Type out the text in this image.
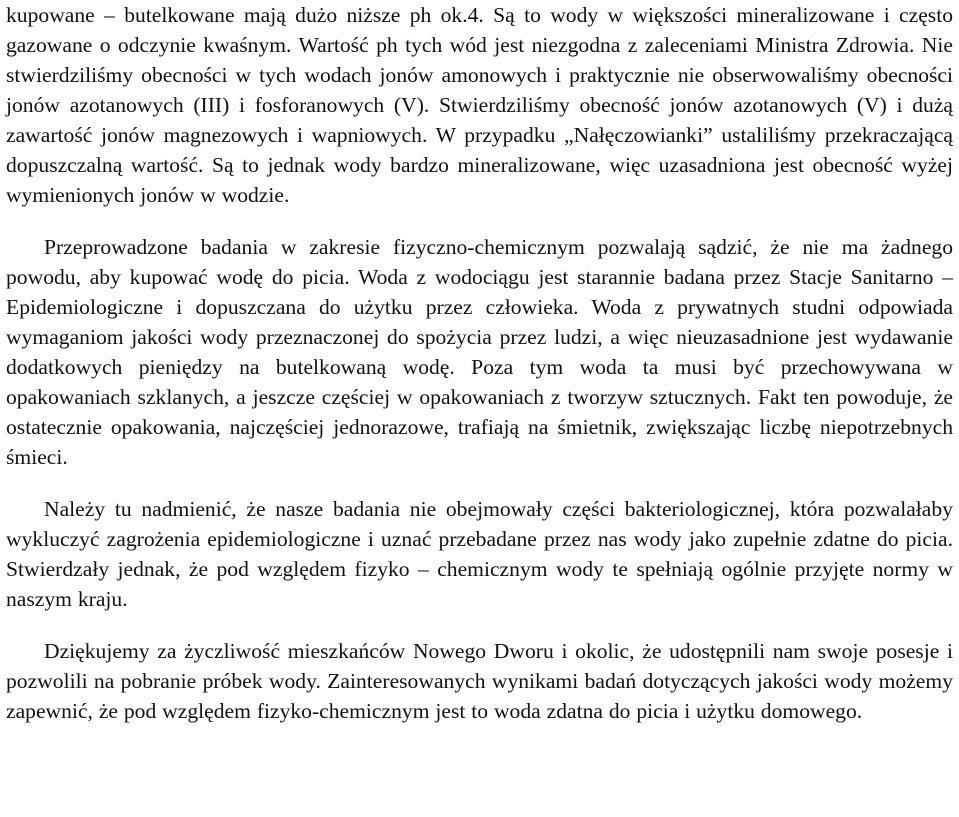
kupowane – butelkowane mają dużo niższe ph ok.4. Są to wody w większości mineralizowane i często gazowane o odczynie kwaśnym. Wartość ph tych wód jest niezgodna z zaleceniami Ministra Zdrowia. Nie stwierdziliśmy obecności w tych wodach jonów amonowych i praktycznie nie obserwowaliśmy obecności jonów azotanowych (III) i fosforanowych (V). Stwierdziliśmy obecność jonów azotanowych (V) i dużą zawartość jonów magnezowych i wapniowych. W przypadku „Nałęczowianki” ustaliliśmy przekraczającą dopuszczalną wartość. Są to jednak wody bardzo mineralizowane, więc uzasadniona jest obecność wyżej wymienionych jonów w wodzie.

Przeprowadzone badania w zakresie fizyczno-chemicznym pozwalają sądzić, że nie ma żadnego powodu, aby kupować wodę do picia. Woda z wodociągu jest starannie badana przez Stacje Sanitarno – Epidemiologiczne i dopuszczana do użytku przez człowieka. Woda z prywatnych studni odpowiada wymaganiom jakości wody przeznaczonej do spożycia przez ludzi, a więc nieuzasadnione jest wydawanie dodatkowych pieniędzy na butelkowaną wodę. Poza tym woda ta musi być przechowywana w opakowaniach szklanych, a jeszcze częściej w opakowaniach z tworzyw sztucznych. Fakt ten powoduje, że ostatecznie opakowania, najczęściej jednorazowe, trafiają na śmietnik, zwiększając liczbę niepotrzebnych śmieci.

Należy tu nadmienić, że nasze badania nie obejmowały części bakteriologicznej, która pozwalałaby wykluczyć zagrożenia epidemiologiczne i uznać przebadane przez nas wody jako zupełnie zdatne do picia. Stwierdzały jednak, że pod względem fizyko – chemicznym wody te spełniają ogólnie przyjęte normy w naszym kraju.

Dziękujemy za życzliwość mieszkańców Nowego Dworu i okolic, że udostępnili nam swoje posesje i pozwolili na pobranie próbek wody. Zainteresowanych wynikami badań dotyczących jakości wody możemy zapewnić, że pod względem fizyko-chemicznym jest to woda zdatna do picia i użytku domowego.
